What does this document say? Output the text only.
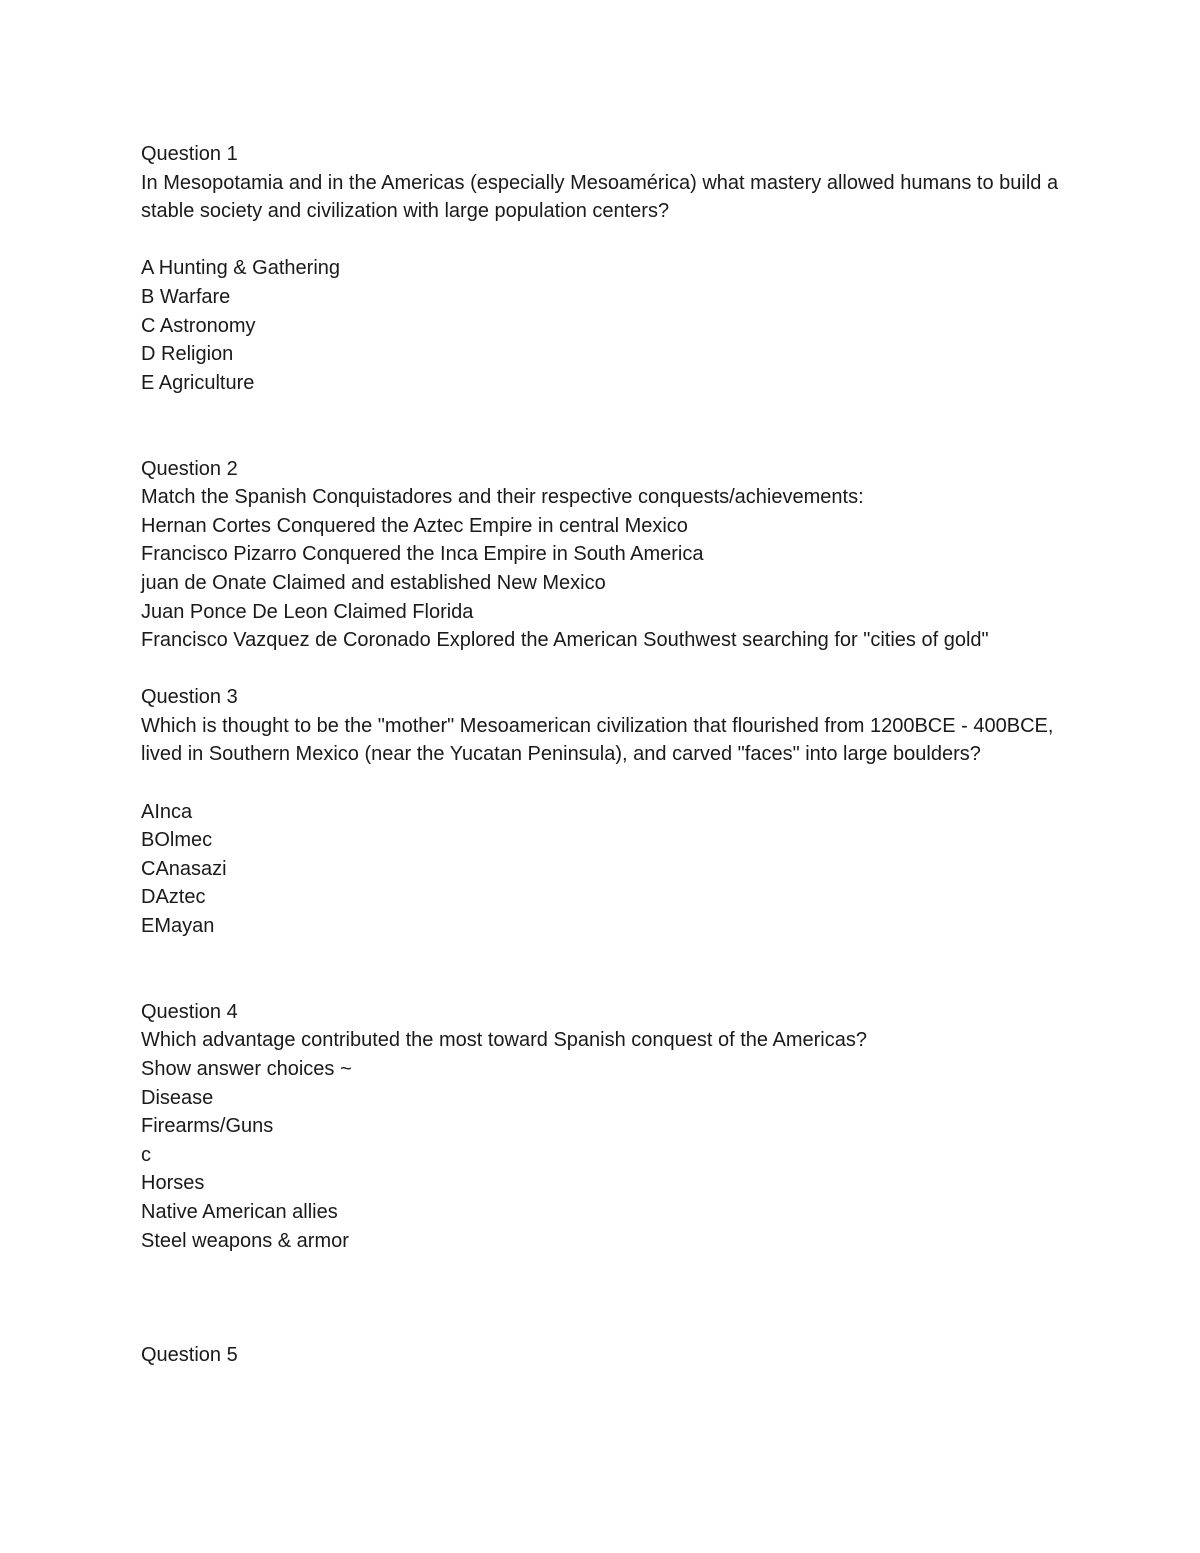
Question 1
In Mesopotamia and in the Americas (especially Mesoamérica) what mastery allowed humans to build a stable society and civilization with large population centers?
A Hunting & Gathering
B Warfare
C Astronomy
D Religion
E Agriculture
Question 2
Match the Spanish Conquistadores and their respective conquests/achievements:
Hernan Cortes Conquered the Aztec Empire in central Mexico
Francisco Pizarro Conquered the Inca Empire in South America
juan de Onate Claimed and established New Mexico
Juan Ponce De Leon Claimed Florida
Francisco Vazquez de Coronado Explored the American Southwest searching for "cities of gold"
Question 3
Which is thought to be the "mother" Mesoamerican civilization that flourished from 1200BCE - 400BCE, lived in Southern Mexico (near the Yucatan Peninsula), and carved "faces" into large boulders?
AInca
BOlmec
CAnasazi
DAztec
EMayan
Question 4
Which advantage contributed the most toward Spanish conquest of the Americas?
Show answer choices ~
Disease
Firearms/Guns
c
Horses
Native American allies
Steel weapons & armor
Question 5
